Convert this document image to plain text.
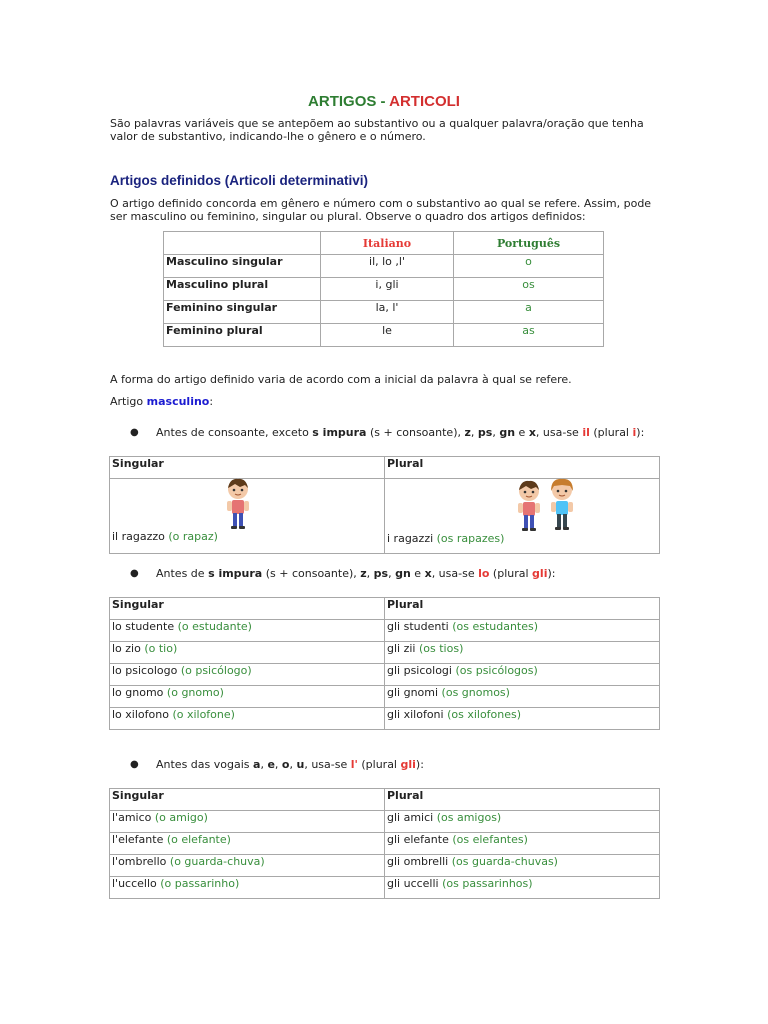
ARTIGOS - ARTICOLI
São palavras variáveis que se antepõem ao substantivo ou a qualquer palavra/oração que tenha valor de substantivo, indicando-lhe o gênero e o número.
Artigos definidos (Articoli determinativi)
O artigo definido concorda em gênero e número com o substantivo ao qual se refere. Assim, pode ser masculino ou feminino, singular ou plural. Observe o quadro dos artigos definidos:
	Italiano	Português
Masculino singular	il, lo ,l'	o
Masculino plural	i, gli	os
Feminino singular	la, l'	a
Feminino plural	le	as
A forma do artigo definido varia de acordo com a inicial da palavra à qual se refere.
Artigo masculino:
● Antes de consoante, exceto s impura (s + consoante), z, ps, gn e x, usa-se il (plural i):
Singular	Plural

il ragazzo (o rapaz)	i ragazzi (os rapazes)
● Antes de s impura (s + consoante), z, ps, gn e x, usa-se lo (plural gli):
Singular	Plural
lo studente (o estudante)	gli studenti (os estudantes)
lo zio (o tio)	gli zii (os tios)
lo psicologo (o psicólogo)	gli psicologi (os psicólogos)
lo gnomo (o gnomo)	gli gnomi (os gnomos)
lo xilofono (o xilofone)	gli xilofoni (os xilofones)
● Antes das vogais a, e, o, u, usa-se l' (plural gli):
Singular	Plural
l'amico (o amigo)	gli amici (os amigos)
l'elefante (o elefante)	gli elefante (os elefantes)
l'ombrello (o guarda-chuva)	gli ombrelli (os guarda-chuvas)
l'uccello (o passarinho)	gli uccelli (os passarinhos)
